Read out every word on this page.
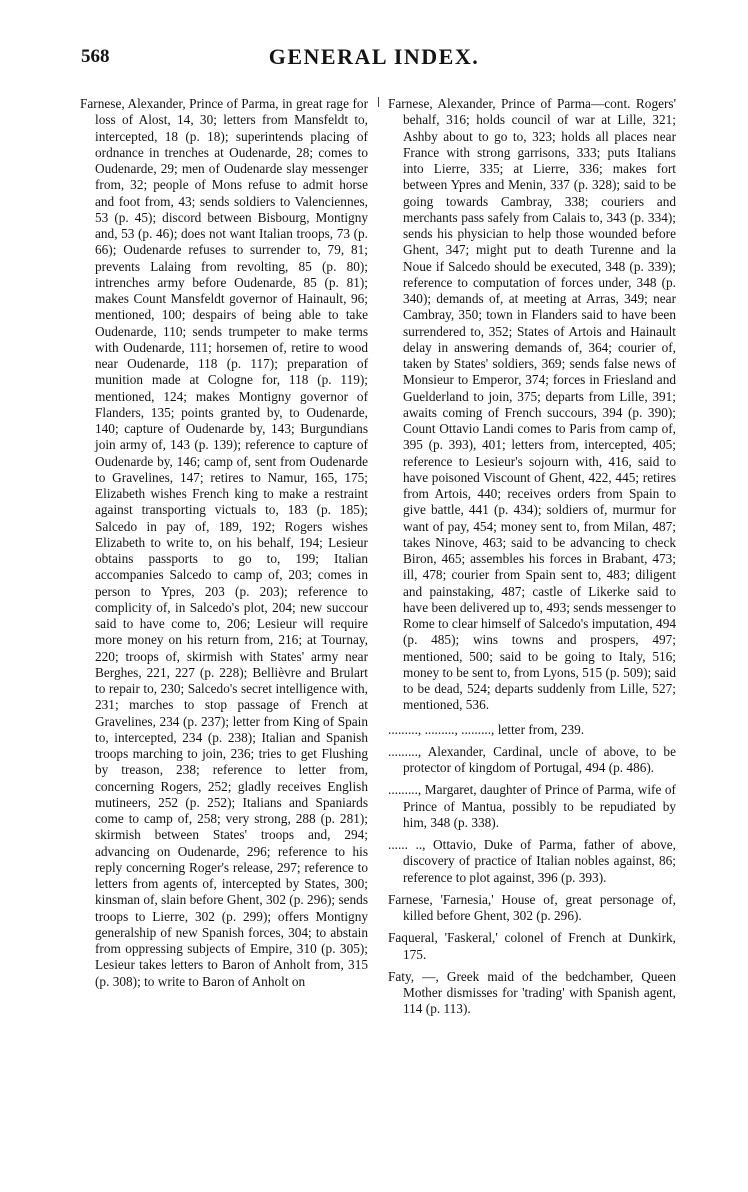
568	GENERAL INDEX.

Farnese, Alexander, Prince of Parma, in great rage for loss of Alost, 14, 30; letters from Mansfeldt to, intercepted, 18 (p. 18); superintends placing of ordnance in trenches at Oudenarde, 28; comes to Oudenarde, 29; men of Oudenarde slay messenger from, 32; people of Mons refuse to admit horse and foot from, 43; sends soldiers to Valenciennes, 53 (p. 45); discord between Bisbourg, Montigny and, 53 (p. 46); does not want Italian troops, 73 (p. 66); Oudenarde refuses to surrender to, 79, 81; prevents Lalaing from revolting, 85 (p. 80); intrenches army before Oudenarde, 85 (p. 81); makes Count Mansfeldt governor of Hainault, 96; mentioned, 100; despairs of being able to take Oudenarde, 110; sends trumpeter to make terms with Oudenarde, 111; horsemen of, retire to wood near Oudenarde, 118 (p. 117); preparation of munition made at Cologne for, 118 (p. 119); mentioned, 124; makes Montigny governor of Flanders, 135; points granted by, to Oudenarde, 140; capture of Oudenarde by, 143; Burgundians join army of, 143 (p. 139); reference to capture of Oudenarde by, 146; camp of, sent from Oudenarde to Gravelines, 147; retires to Namur, 165, 175; Elizabeth wishes French king to make a restraint against transporting victuals to, 183 (p. 185); Salcedo in pay of, 189, 192; Rogers wishes Elizabeth to write to, on his behalf, 194; Lesieur obtains passports to go to, 199; Italian accompanies Salcedo to camp of, 203; comes in person to Ypres, 203 (p. 203); reference to complicity of, in Salcedo's plot, 204; new succour said to have come to, 206; Lesieur will require more money on his return from, 216; at Tournay, 220; troops of, skirmish with States' army near Berghes, 221, 227 (p. 228); Bellièvre and Brulart to repair to, 230; Salcedo's secret intelligence with, 231; marches to stop passage of French at Gravelines, 234 (p. 237); letter from King of Spain to, intercepted, 234 (p. 238); Italian and Spanish troops marching to join, 236; tries to get Flushing by treason, 238; reference to letter from, concerning Rogers, 252; gladly receives English mutineers, 252 (p. 252); Italians and Spaniards come to camp of, 258; very strong, 288 (p. 281); skirmish between States' troops and, 294; advancing on Oudenarde, 296; reference to his reply concerning Roger's release, 297; reference to letters from agents of, intercepted by States, 300; kinsman of, slain before Ghent, 302 (p. 296); sends troops to Lierre, 302 (p. 299); offers Montigny generalship of new Spanish forces, 304; to abstain from oppressing subjects of Empire, 310 (p. 305); Lesieur takes letters to Baron of Anholt from, 315 (p. 308); to write to Baron of Anholt on

Farnese, Alexander, Prince of Parma—cont. Rogers' behalf, 316; holds council of war at Lille, 321; Ashby about to go to, 323; holds all places near France with strong garrisons, 333; puts Italians into Lierre, 335; at Lierre, 336; makes fort between Ypres and Menin, 337 (p. 328); said to be going towards Cambray, 338; couriers and merchants pass safely from Calais to, 343 (p. 334); sends his physician to help those wounded before Ghent, 347; might put to death Turenne and la Noue if Salcedo should be executed, 348 (p. 339); reference to computation of forces under, 348 (p. 340); demands of, at meeting at Arras, 349; near Cambray, 350; town in Flanders said to have been surrendered to, 352; States of Artois and Hainault delay in answering demands of, 364; courier of, taken by States' soldiers, 369; sends false news of Monsieur to Emperor, 374; forces in Friesland and Guelderland to join, 375; departs from Lille, 391; awaits coming of French succours, 394 (p. 390); Count Ottavio Landi comes to Paris from camp of, 395 (p. 393), 401; letters from, intercepted, 405; reference to Lesieur's sojourn with, 416, said to have poisoned Viscount of Ghent, 422, 445; retires from Artois, 440; receives orders from Spain to give battle, 441 (p. 434); soldiers of, murmur for want of pay, 454; money sent to, from Milan, 487; takes Ninove, 463; said to be advancing to check Biron, 465; assembles his forces in Brabant, 473; ill, 478; courier from Spain sent to, 483; diligent and painstaking, 487; castle of Likerke said to have been delivered up to, 493; sends messenger to Rome to clear himself of Salcedo's imputation, 494 (p. 485); wins towns and prospers, 497; mentioned, 500; said to be going to Italy, 516; money to be sent to, from Lyons, 515 (p. 509); said to be dead, 524; departs suddenly from Lille, 527; mentioned, 536.

........., ........., ........., letter from, 239.

........., Alexander, Cardinal, uncle of above, to be protector of kingdom of Portugal, 494 (p. 486).

........., Margaret, daughter of Prince of Parma, wife of Prince of Mantua, possibly to be repudiated by him, 348 (p. 338).

...... .., Ottavio, Duke of Parma, father of above, discovery of practice of Italian nobles against, 86; reference to plot against, 396 (p. 393).

Farnese, 'Farnesia,' House of, great personage of, killed before Ghent, 302 (p. 296).

Faqueral, 'Faskeral,' colonel of French at Dunkirk, 175.

Faty, —, Greek maid of the bedchamber, Queen Mother dismisses for 'trading' with Spanish agent, 114 (p. 113).
